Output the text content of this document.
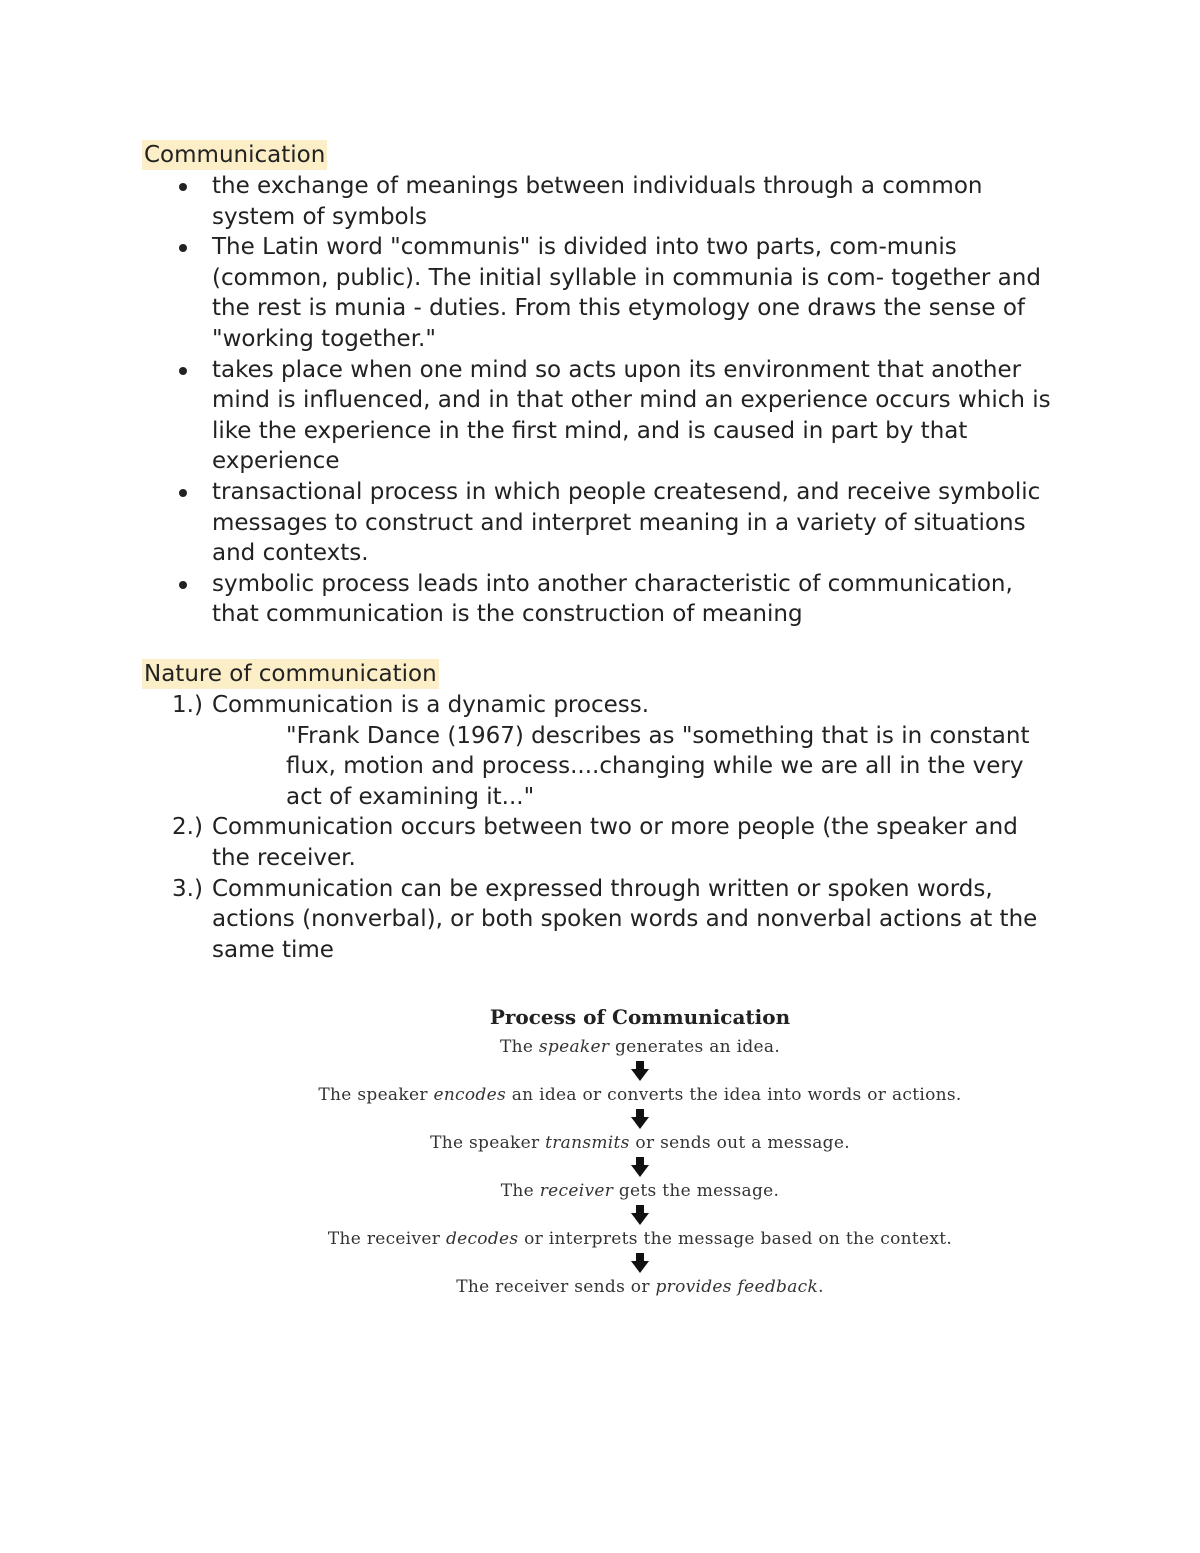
Communication
the exchange of meanings between individuals through a common system of symbols
The Latin word "communis" is divided into two parts, com-munis (common, public). The initial syllable in communia is com- together and the rest is munia - duties. From this etymology one draws the sense of "working together."
takes place when one mind so acts upon its environment that another mind is influenced, and in that other mind an experience occurs which is like the experience in the first mind, and is caused in part by that experience
transactional process in which people createsend, and receive symbolic messages to construct and interpret meaning in a variety of situations and contexts.
symbolic process leads into another characteristic of communication, that communication is the construction of meaning
Nature of communication
1.) Communication is a dynamic process.
"Frank Dance (1967) describes as "something that is in constant flux, motion and process....changing while we are all in the very act of examining it..."
2.) Communication occurs between two or more people (the speaker and the receiver.
3.) Communication can be expressed through written or spoken words, actions (nonverbal), or both spoken words and nonverbal actions at the same time
Process of Communication
The speaker generates an idea.
The speaker encodes an idea or converts the idea into words or actions.
The speaker transmits or sends out a message.
The receiver gets the message.
The receiver decodes or interprets the message based on the context.
The receiver sends or provides feedback.
